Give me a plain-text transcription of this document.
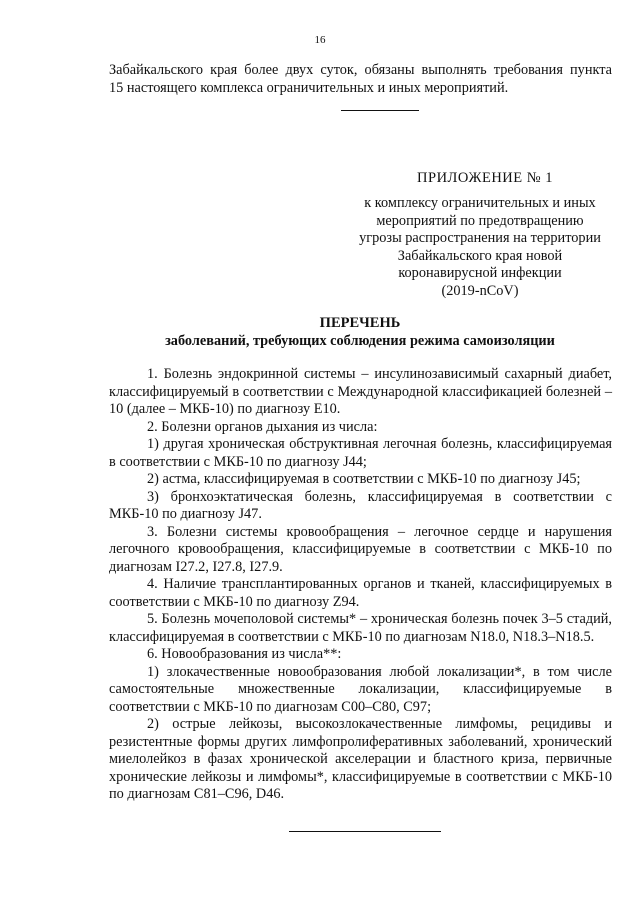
16
Забайкальского края более двух суток, обязаны выполнять требования пункта
15 настоящего комплекса ограничительных и иных мероприятий.
ПРИЛОЖЕНИЕ № 1
к комплексу ограничительных и иных
мероприятий по предотвращению
угрозы распространения на территории
Забайкальского края новой
коронавирусной инфекции
(2019-nCoV)
ПЕРЕЧЕНЬ
заболеваний, требующих соблюдения режима самоизоляции

1. Болезнь эндокринной системы – инсулинозависимый сахарный диабет, классифицируемый в соответствии с Международной классификацией болезней – 10 (далее – МКБ-10) по диагнозу E10.

2. Болезни органов дыхания из числа:

1) другая хроническая обструктивная легочная болезнь, классифицируемая в соответствии с МКБ-10 по диагнозу J44;

2) астма, классифицируемая в соответствии с МКБ-10 по диагнозу J45;

3) бронхоэктатическая болезнь, классифицируемая в соответствии с МКБ-10 по диагнозу J47.

3. Болезни системы кровообращения – легочное сердце и нарушения легочного кровообращения, классифицируемые в соответствии с МКБ-10 по диагнозам I27.2, I27.8, I27.9.

4. Наличие трансплантированных органов и тканей, классифицируемых в соответствии с МКБ-10 по диагнозу Z94.

5. Болезнь мочеполовой системы* – хроническая болезнь почек 3–5 стадий, классифицируемая в соответствии с МКБ-10 по диагнозам N18.0, N18.3–N18.5.

6. Новообразования из числа**:

1) злокачественные новообразования любой локализации*, в том числе самостоятельные множественные локализации, классифицируемые в соответствии с МКБ-10 по диагнозам C00–C80, C97;

2) острые лейкозы, высокозлокачественные лимфомы, рецидивы и резистентные формы других лимфопролиферативных заболеваний, хронический миелолейкоз в фазах хронической акселерации и бластного криза, первичные хронические лейкозы и лимфомы*, классифицируемые в соответствии с МКБ-10 по диагнозам C81–C96, D46.
